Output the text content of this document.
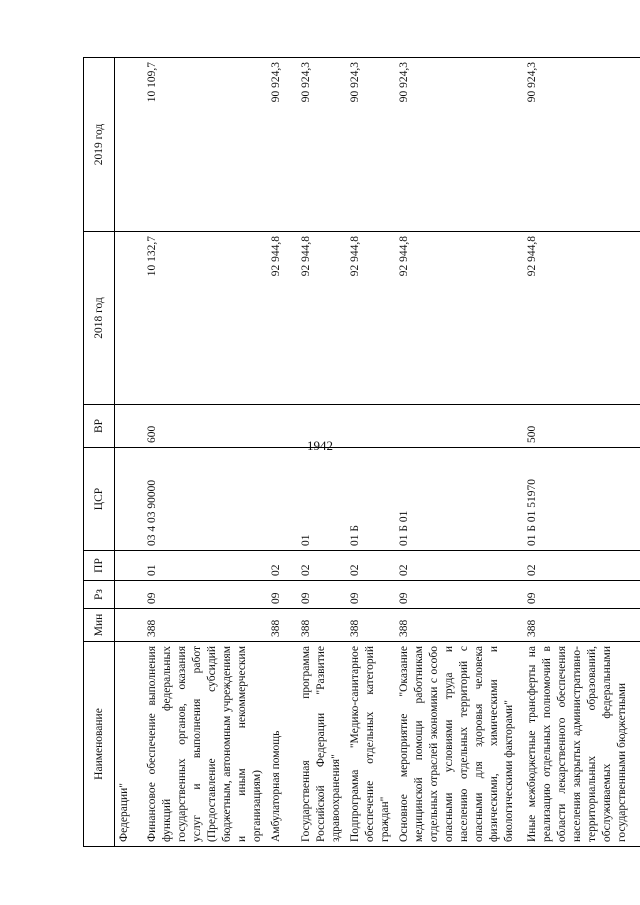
1942
Наименование	Мин	Рз	ПР	ЦСР	ВР	2018 год	2019 год
Федерации"							
Финансовое обеспечение выполнения функций федеральных государственных органов, оказания услуг и выполнения работ (Предоставление субсидий бюджетным, автономным учреждениям и иным некоммерческим организациям)	388	09	01	03 4 03 90000	600	10 132,7	10 109,7
Амбулаторная помощь	388	09	02			92 944,8	90 924,3
Государственная программа Российской Федерации "Развитие здравоохранения"	388	09	02	01		92 944,8	90 924,3
Подпрограмма "Медико-санитарное обеспечение отдельных категорий граждан"	388	09	02	01 Б		92 944,8	90 924,3
Основное мероприятие "Оказание медицинской помощи работникам отдельных отраслей экономики с особо опасными условиями труда и населению отдельных территорий с опасными для здоровья человека физическими, химическими и биологическими факторами"	388	09	02	01 Б 01		92 944,8	90 924,3
Иные межбюджетные трансферты на реализацию отдельных полномочий в области лекарственного обеспечения населения закрытых административно-территориальных образований, обслуживаемых федеральными государственными бюджетными	388	09	02	01 Б 01 51970	500	92 944,8	90 924,3
